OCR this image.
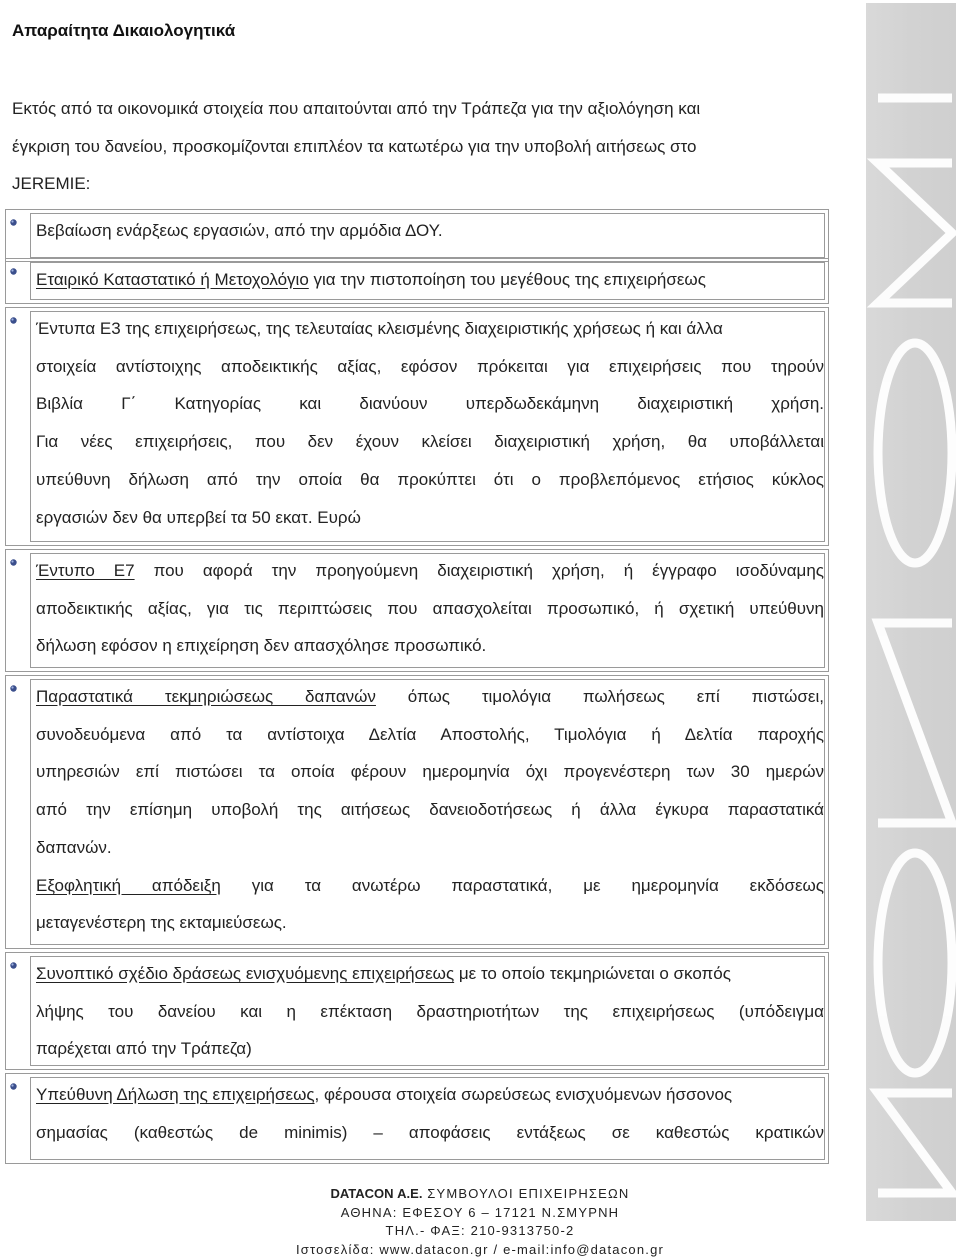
Απαραίτητα Δικαιολογητικά
Εκτός από τα οικονομικά στοιχεία που απαιτούνται από την Τράπεζα για την αξιολόγηση και
έγκριση του δανείου, προσκομίζονται επιπλέον τα κατωτέρω για την υποβολή αιτήσεως στο
JEREMIE:
Βεβαίωση ενάρξεως εργασιών, από την αρμόδια ΔΟΥ.
Εταιρικό Καταστατικό ή Μετοχολόγιο για την πιστοποίηση του μεγέθους της επιχειρήσεως
Έντυπα Ε3 της επιχειρήσεως, της τελευταίας κλεισμένης διαχειριστικής χρήσεως ή και άλλα
στοιχεία αντίστοιχης αποδεικτικής αξίας, εφόσον πρόκειται για επιχειρήσεις που τηρούν
Βιβλία Γ΄ Κατηγορίας και διανύουν υπερδωδεκάμηνη διαχειριστική χρήση.
Για νέες επιχειρήσεις, που δεν έχουν κλείσει διαχειριστική χρήση, θα υποβάλλεται
υπεύθυνη δήλωση από την οποία θα προκύπτει ότι ο προβλεπόμενος ετήσιος κύκλος
εργασιών δεν θα υπερβεί τα 50 εκατ. Ευρώ
Έντυπο Ε7 που αφορά την προηγούμενη διαχειριστική χρήση, ή έγγραφο ισοδύναμης
αποδεικτικής αξίας, για τις περιπτώσεις που απασχολείται προσωπικό, ή σχετική υπεύθυνη
δήλωση εφόσον η επιχείρηση δεν απασχόλησε προσωπικό.
Παραστατικά τεκμηριώσεως δαπανών όπως τιμολόγια πωλήσεως επί πιστώσει,
συνοδευόμενα από τα αντίστοιχα Δελτία Αποστολής, Τιμολόγια ή Δελτία παροχής
υπηρεσιών επί πιστώσει τα οποία φέρουν ημερομηνία όχι προγενέστερη των 30 ημερών
από την επίσημη υποβολή της αιτήσεως δανειοδοτήσεως ή άλλα έγκυρα παραστατικά
δαπανών.
Εξοφλητική απόδειξη για τα ανωτέρω παραστατικά, με ημερομηνία εκδόσεως
μεταγενέστερη της εκταμιεύσεως.
Συνοπτικό σχέδιο δράσεως ενισχυόμενης επιχειρήσεως με το οποίο τεκμηριώνεται ο σκοπός
λήψης του δανείου και η επέκταση δραστηριοτήτων της επιχειρήσεως (υπόδειγμα
παρέχεται από την Τράπεζα)
Υπεύθυνη Δήλωση της επιχειρήσεως, φέρουσα στοιχεία σωρεύσεως ενισχυόμενων ήσσονος
σημασίας (καθεστώς de minimis) – αποφάσεις εντάξεως σε καθεστώς κρατικών
DATACON Α.Ε. ΣΥΜΒΟΥΛΟΙ ΕΠΙΧΕΙΡΗΣΕΩΝ
ΑΘΗΝΑ: ΕΦΕΣΟΥ 6 – 17121 Ν.ΣΜΥΡΝΗ
ΤΗΛ.- ΦΑΞ: 210-9313750-2
Ιστοσελίδα: www.datacon.gr / e-mail:info@datacon.gr
